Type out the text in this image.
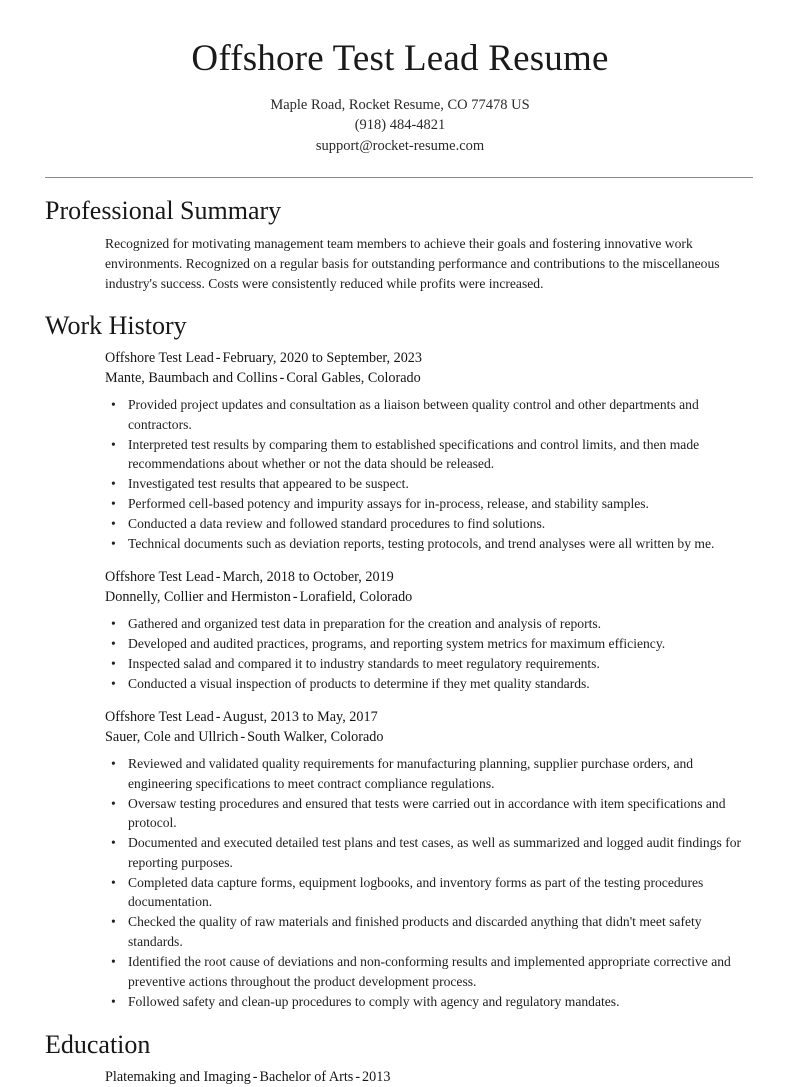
Offshore Test Lead Resume
Maple Road, Rocket Resume, CO 77478 US
(918) 484-4821
support@rocket-resume.com
Professional Summary

Recognized for motivating management team members to achieve their goals and fostering innovative work environments. Recognized on a regular basis for outstanding performance and contributions to the miscellaneous industry's success. Costs were consistently reduced while profits were increased.

Work History
Offshore Test Lead - February, 2020 to September, 2023
Mante, Baumbach and Collins - Coral Gables, Colorado
• Provided project updates and consultation as a liaison between quality control and other departments and contractors.
• Interpreted test results by comparing them to established specifications and control limits, and then made recommendations about whether or not the data should be released.
• Investigated test results that appeared to be suspect.
• Performed cell-based potency and impurity assays for in-process, release, and stability samples.
• Conducted a data review and followed standard procedures to find solutions.
• Technical documents such as deviation reports, testing protocols, and trend analyses were all written by me.
Offshore Test Lead - March, 2018 to October, 2019
Donnelly, Collier and Hermiston - Lorafield, Colorado
• Gathered and organized test data in preparation for the creation and analysis of reports.
• Developed and audited practices, programs, and reporting system metrics for maximum efficiency.
• Inspected salad and compared it to industry standards to meet regulatory requirements.
• Conducted a visual inspection of products to determine if they met quality standards.
Offshore Test Lead - August, 2013 to May, 2017
Sauer, Cole and Ullrich - South Walker, Colorado
• Reviewed and validated quality requirements for manufacturing planning, supplier purchase orders, and engineering specifications to meet contract compliance regulations.
• Oversaw testing procedures and ensured that tests were carried out in accordance with item specifications and protocol.
• Documented and executed detailed test plans and test cases, as well as summarized and logged audit findings for reporting purposes.
• Completed data capture forms, equipment logbooks, and inventory forms as part of the testing procedures documentation.
• Checked the quality of raw materials and finished products and discarded anything that didn't meet safety standards.
• Identified the root cause of deviations and non-conforming results and implemented appropriate corrective and preventive actions throughout the product development process.
• Followed safety and clean-up procedures to comply with agency and regulatory mandates.
Education
Platemaking and Imaging - Bachelor of Arts - 2013
